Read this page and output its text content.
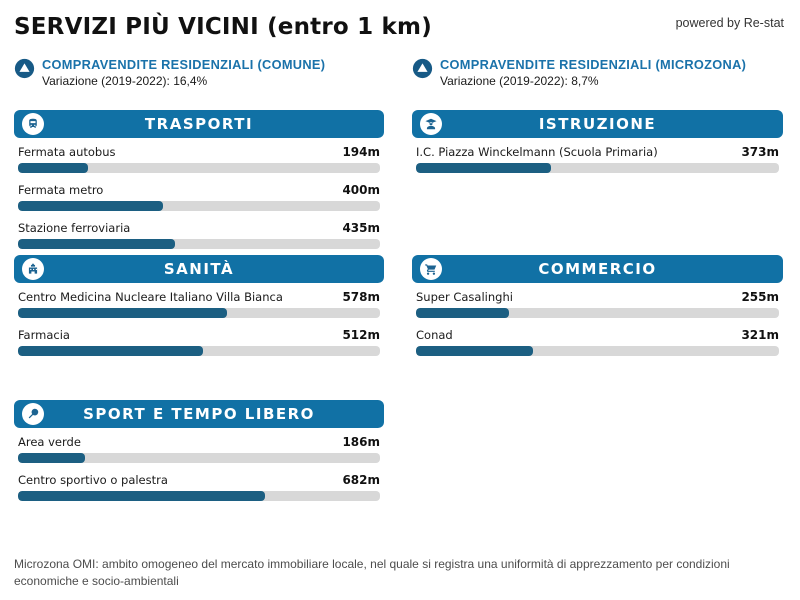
SERVIZI PIÙ VICINI (entro 1 km)	powered by Re-stat
COMPRAVENDITE RESIDENZIALI (COMUNE)
Variazione (2019-2022): 16,4%
COMPRAVENDITE RESIDENZIALI (MICROZONA)
Variazione (2019-2022): 8,7%
TRASPORTI
Fermata autobus	194m
Fermata metro	400m
Stazione ferroviaria	435m
ISTRUZIONE
I.C. Piazza Winckelmann (Scuola Primaria)	373m
SANITÀ
Centro Medicina Nucleare Italiano Villa Bianca	578m
Farmacia	512m
COMMERCIO
Super Casalinghi	255m
Conad	321m
SPORT E TEMPO LIBERO
Area verde	186m
Centro sportivo o palestra	682m
Microzona OMI: ambito omogeneo del mercato immobiliare locale, nel quale si registra una uniformità di apprezzamento per condizioni economiche e socio-ambientali
